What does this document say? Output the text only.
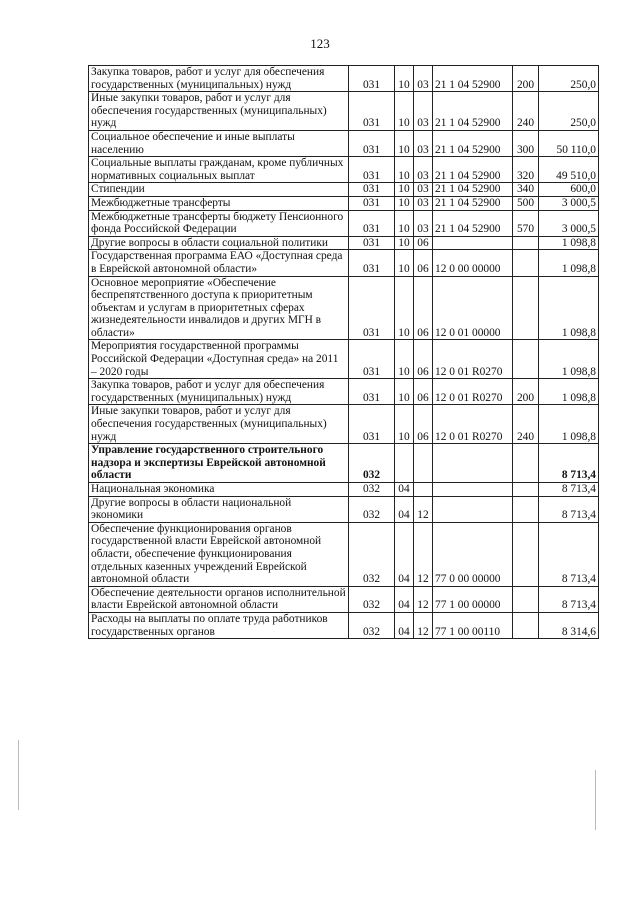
123
Закупка товаров, работ и услуг для обеспечения государственных (муниципальных) нужд	031	10	03	21 1 04 52900	200	250,0
Иные закупки товаров, работ и услуг для обеспечения государственных (муниципальных) нужд	031	10	03	21 1 04 52900	240	250,0
Социальное обеспечение и иные выплаты населению	031	10	03	21 1 04 52900	300	50 110,0
Социальные выплаты гражданам, кроме публичных нормативных социальных выплат	031	10	03	21 1 04 52900	320	49 510,0
Стипендии	031	10	03	21 1 04 52900	340	600,0
Межбюджетные трансферты	031	10	03	21 1 04 52900	500	3 000,5
Межбюджетные трансферты бюджету Пенсионного фонда Российской Федерации	031	10	03	21 1 04 52900	570	3 000,5
Другие вопросы в области социальной политики	031	10	06			1 098,8
Государственная программа ЕАО «Доступная среда в Еврейской автономной области»	031	10	06	12 0 00 00000		1 098,8
Основное мероприятие «Обеспечение беспрепятственного доступа к приоритетным объектам и услугам в приоритетных сферах жизнедеятельности инвалидов и других МГН в области»	031	10	06	12 0 01 00000		1 098,8
Мероприятия государственной программы Российской Федерации «Доступная среда» на 2011 – 2020 годы	031	10	06	12 0 01 R0270		1 098,8
Закупка товаров, работ и услуг для обеспечения государственных (муниципальных) нужд	031	10	06	12 0 01 R0270	200	1 098,8
Иные закупки товаров, работ и услуг для обеспечения государственных (муниципальных) нужд	031	10	06	12 0 01 R0270	240	1 098,8
Управление государственного строительного надзора и экспертизы Еврейской автономной области	032					8 713,4
Национальная экономика	032	04				8 713,4
Другие вопросы в области национальной экономики	032	04	12			8 713,4
Обеспечение функционирования органов государственной власти Еврейской автономной области, обеспечение функционирования отдельных казенных учреждений Еврейской автономной области	032	04	12	77 0 00 00000		8 713,4
Обеспечение деятельности органов исполнительной власти Еврейской автономной области	032	04	12	77 1 00 00000		8 713,4
Расходы на выплаты по оплате труда работников государственных органов	032	04	12	77 1 00 00110		8 314,6
